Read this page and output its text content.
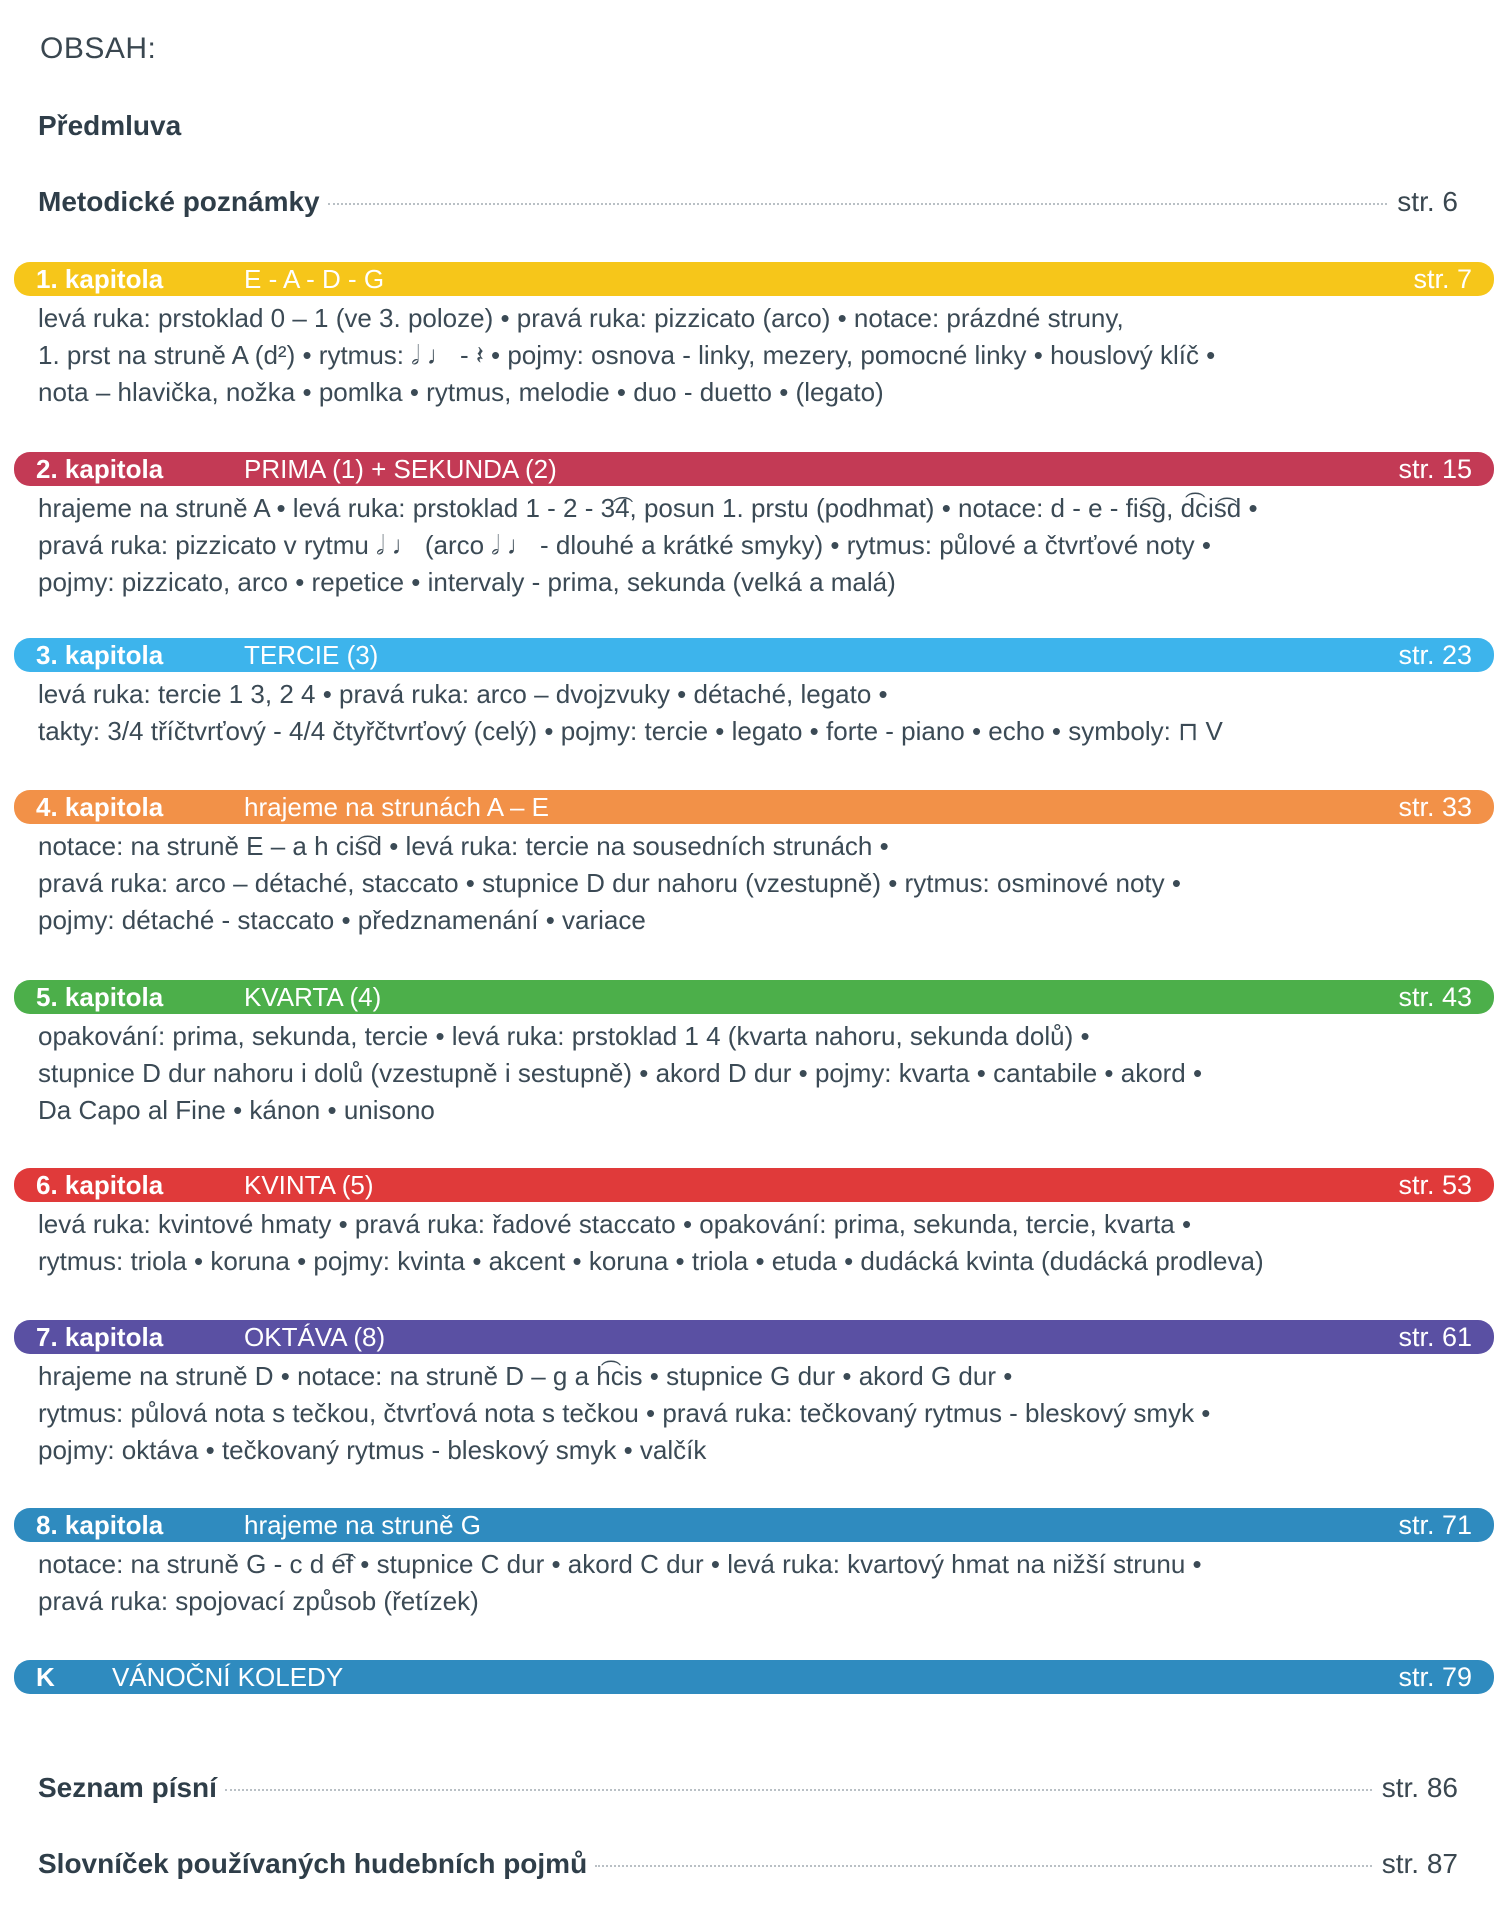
OBSAH:
Předmluva
Metodické poznámky	str. 6
1. kapitola	E - A - D - G	str. 7
levá ruka: prstoklad 0 – 1 (ve 3. poloze) • pravá ruka: pizzicato (arco) • notace: prázdné struny,
1. prst na struně A (d²) • rytmus: 𝅗𝅥 ♩ - 𝄽 • pojmy: osnova - linky, mezery, pomocné linky • houslový klíč •
nota – hlavička, nožka • pomlka • rytmus, melodie • duo - duetto • (legato)
2. kapitola	PRIMA (1) + SEKUNDA (2)	str. 15
hrajeme na struně A • levá ruka: prstoklad 1 - 2 - 3͡4, posun 1. prstu (podhmat) • notace: d - e - fis͡g, d͡cis͡d •
pravá ruka: pizzicato v rytmu 𝅗𝅥 ♩ (arco 𝅗𝅥 ♩ - dlouhé a krátké smyky) • rytmus: půlové a čtvrťové noty •
pojmy: pizzicato, arco • repetice • intervaly - prima, sekunda (velká a malá)
3. kapitola	TERCIE (3)	str. 23
levá ruka: tercie 1 3, 2 4 • pravá ruka: arco – dvojzvuky • détaché, legato •
takty: 3/4 tříčtvrťový - 4/4 čtyřčtvrťový (celý) • pojmy: tercie • legato • forte - piano • echo • symboly: ⊓ V
4. kapitola	hrajeme na strunách A – E	str. 33
notace: na struně E – a h cis͡d • levá ruka: tercie na sousedních strunách •
pravá ruka: arco – détaché, staccato • stupnice D dur nahoru (vzestupně) • rytmus: osminové noty •
pojmy: détaché - staccato • předznamenání • variace
5. kapitola	KVARTA (4)	str. 43
opakování: prima, sekunda, tercie • levá ruka: prstoklad 1 4 (kvarta nahoru, sekunda dolů) •
stupnice D dur nahoru i dolů (vzestupně i sestupně) • akord D dur • pojmy: kvarta • cantabile • akord •
Da Capo al Fine • kánon • unisono
6. kapitola	KVINTA (5)	str. 53
levá ruka: kvintové hmaty • pravá ruka: řadové staccato • opakování: prima, sekunda, tercie, kvarta •
rytmus: triola • koruna • pojmy: kvinta • akcent • koruna • triola • etuda • dudácká kvinta (dudácká prodleva)
7. kapitola	OKTÁVA (8)	str. 61
hrajeme na struně D • notace: na struně D – g a h͡cis • stupnice G dur • akord G dur •
rytmus: půlová nota s tečkou, čtvrťová nota s tečkou • pravá ruka: tečkovaný rytmus - bleskový smyk •
pojmy: oktáva • tečkovaný rytmus - bleskový smyk • valčík
8. kapitola	hrajeme na struně G	str. 71
notace: na struně G - c d e͡f • stupnice C dur • akord C dur • levá ruka: kvartový hmat na nižší strunu •
pravá ruka: spojovací způsob (řetízek)
K	VÁNOČNÍ KOLEDY	str. 79
Seznam písní	str. 86
Slovníček používaných hudebních pojmů	str. 87
